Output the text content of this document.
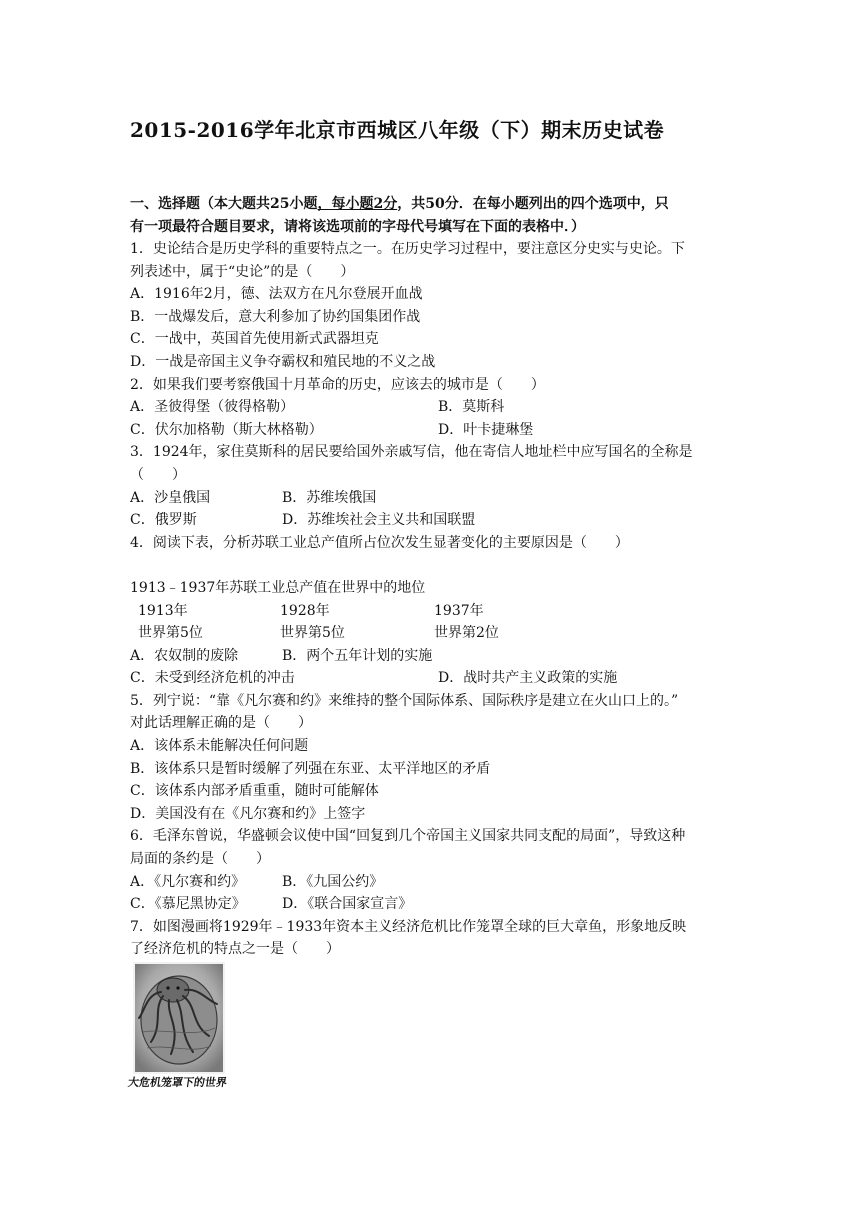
2015-2016学年北京市西城区八年级（下）期末历史试卷
一、选择题（本大题共25小题，每小题2分，共50分．在每小题列出的四个选项中，只
有一项最符合题目要求，请将该选项前的字母代号填写在下面的表格中．）
1．史论结合是历史学科的重要特点之一。在历史学习过程中，要注意区分史实与史论。下
列表述中，属于“史论”的是（　　）
A．1916年2月，德、法双方在凡尔登展开血战
B．一战爆发后，意大利参加了协约国集团作战
C．一战中，英国首先使用新式武器坦克
D．一战是帝国主义争夺霸权和殖民地的不义之战
2．如果我们要考察俄国十月革命的历史，应该去的城市是（　　）
A．圣彼得堡（彼得格勒）	B．莫斯科
C．伏尔加格勒（斯大林格勒）	D．叶卡捷琳堡
3．1924年，家住莫斯科的居民要给国外亲戚写信，他在寄信人地址栏中应写国名的全称是
（　　）
A．沙皇俄国	B．苏维埃俄国
C．俄罗斯	D．苏维埃社会主义共和国联盟
4．阅读下表，分析苏联工业总产值所占位次发生显著变化的主要原因是（　　）
1913﹣1937年苏联工业总产值在世界中的地位
1913年	1928年	1937年
世界第5位	世界第5位	世界第2位
A．农奴制的废除	B．两个五年计划的实施
C．未受到经济危机的冲击	D．战时共产主义政策的实施
5．列宁说：“靠《凡尔赛和约》来维持的整个国际体系、国际秩序是建立在火山口上的。”
对此话理解正确的是（　　）
A．该体系未能解决任何问题
B．该体系只是暂时缓解了列强在东亚、太平洋地区的矛盾
C．该体系内部矛盾重重，随时可能解体
D．美国没有在《凡尔赛和约》上签字
6．毛泽东曾说，华盛顿会议使中国“回复到几个帝国主义国家共同支配的局面”，导致这种
局面的条约是（　　）
A．《凡尔赛和约》	B．《九国公约》
C．《慕尼黑协定》	D．《联合国家宣言》
7．如图漫画将1929年﹣1933年资本主义经济危机比作笼罩全球的巨大章鱼，形象地反映
了经济危机的特点之一是（　　）
大危机笼罩下的世界
